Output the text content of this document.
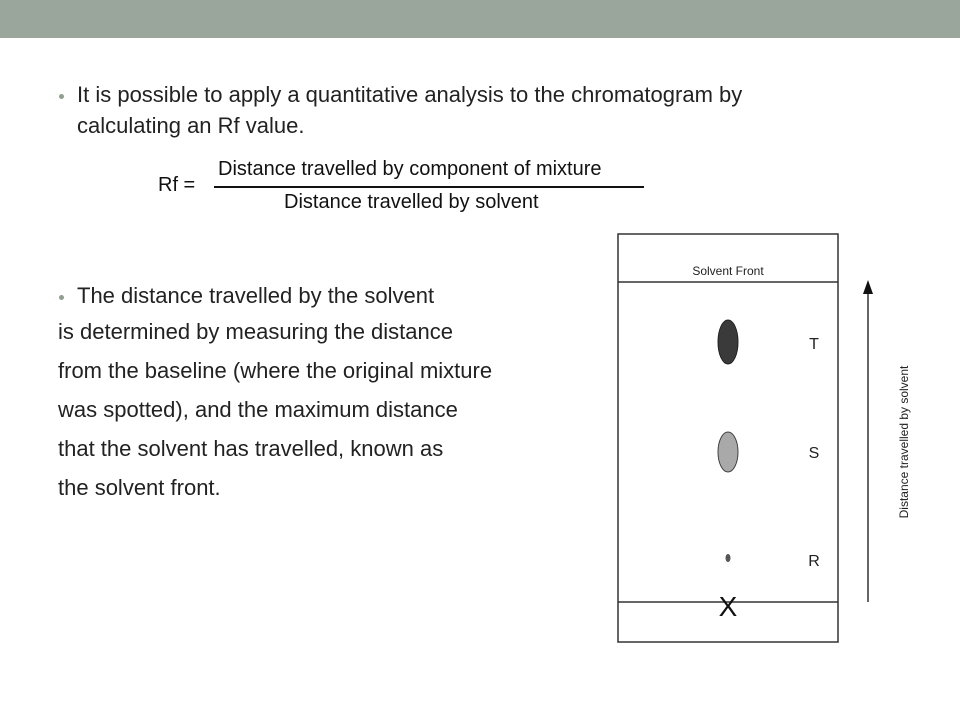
It is possible to apply a quantitative analysis to the chromatogram by
calculating an Rf value.
Rf =
Distance travelled by component of mixture
Distance travelled by solvent
The distance travelled by the solvent
is determined by measuring the distance
from the baseline (where the original mixture
was spotted), and the maximum distance
that the solvent has travelled, known as
the solvent front.
Solvent Front
T
S
R
X
Distance travelled by solvent
